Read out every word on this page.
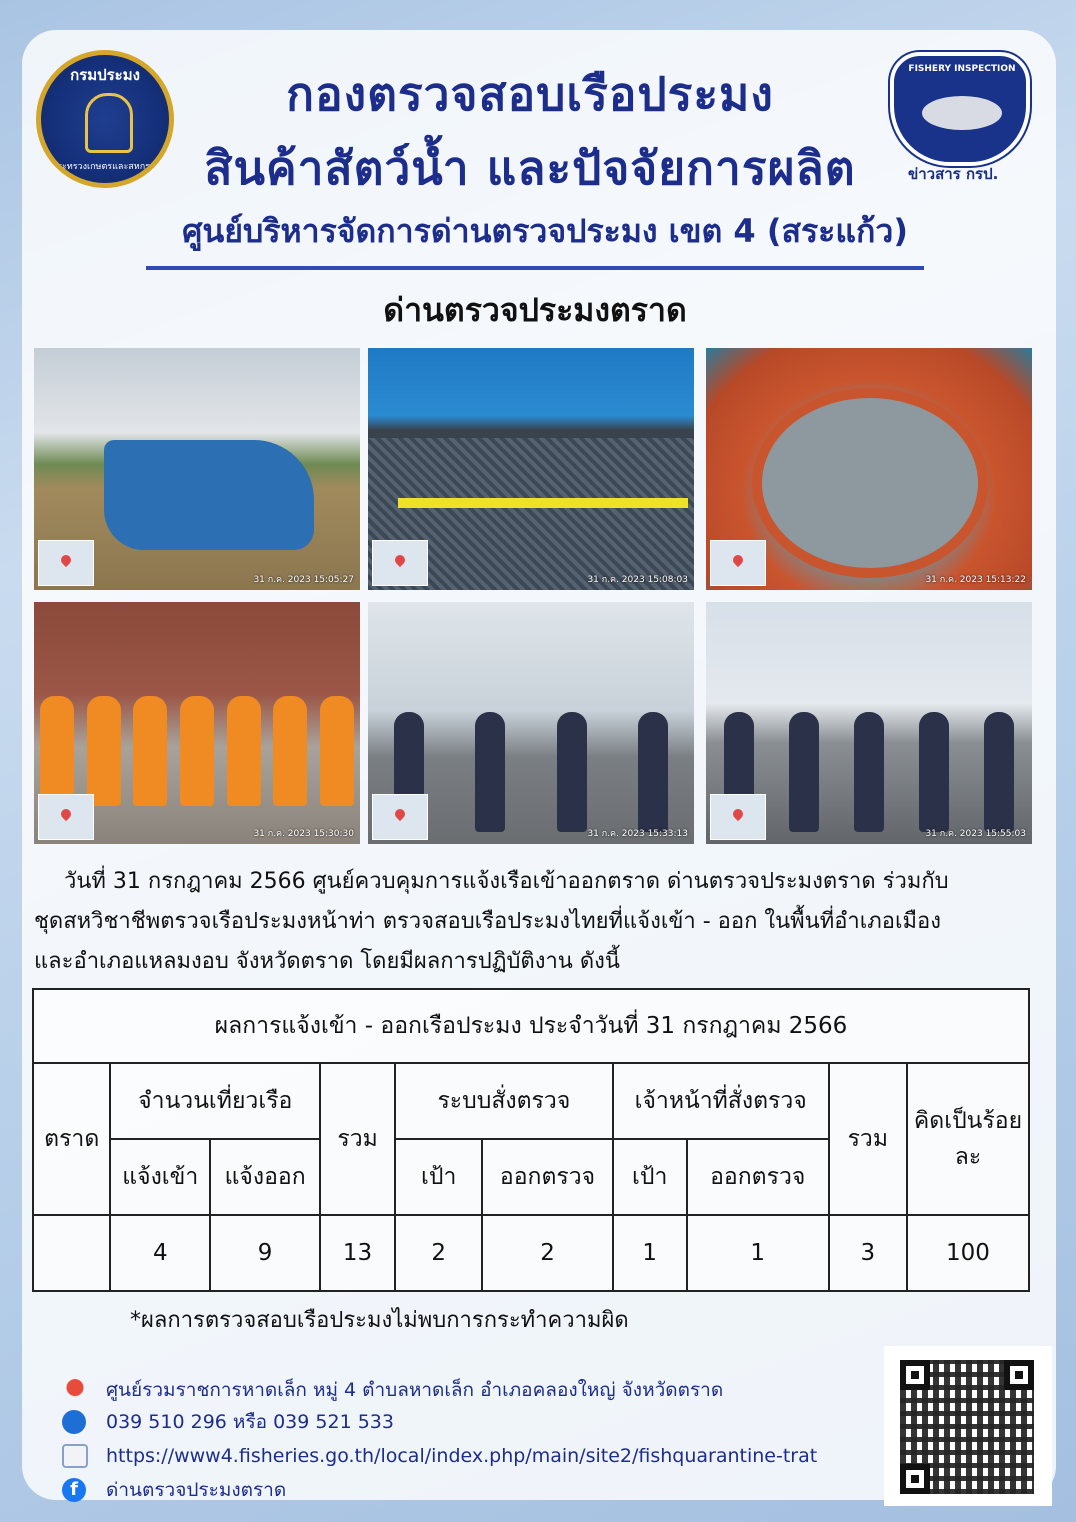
กรมประมง
กระทรวงเกษตรและสหกรณ์
FISHERY INSPECTION
ข่าวสาร กรป.
กองตรวจสอบเรือประมง
สินค้าสัตว์น้ำ และปัจจัยการผลิต
ศูนย์บริหารจัดการด่านตรวจประมง เขต 4 (สระแก้ว)
ด่านตรวจประมงตราด
31 ก.ค. 2023 15:05:27	31 ก.ค. 2023 15:08:03	31 ก.ค. 2023 15:13:22
31 ก.ค. 2023 15:30:30	31 ก.ค. 2023 15:33:13	31 ก.ค. 2023 15:55:03

วันที่ 31 กรกฎาคม 2566 ศูนย์ควบคุมการแจ้งเรือเข้าออกตราด ด่านตรวจประมงตราด ร่วมกับ

ชุดสหวิชาชีพตรวจเรือประมงหน้าท่า ตรวจสอบเรือประมงไทยที่แจ้งเข้า - ออก ในพื้นที่อำเภอเมือง

และอำเภอแหลมงอบ จังหวัดตราด โดยมีผลการปฏิบัติงาน ดังนี้

ผลการแจ้งเข้า - ออกเรือประมง ประจำวันที่ 31 กรกฎาคม 2566									
ตราด	จำนวนเที่ยวเรือ		รวม	ระบบสั่งตรวจ		เจ้าหน้าที่สั่งตรวจ		รวม	คิดเป็นร้อยละ
	แจ้งเข้า	แจ้งออก		เป้า	ออกตรวจ	เป้า	ออกตรวจ		
	4	9	13	2	2	1	1	3	100
*ผลการตรวจสอบเรือประมงไม่พบการกระทำความผิด
ศูนย์รวมราชการหาดเล็ก หมู่ 4 ตำบลหาดเล็ก อำเภอคลองใหญ่ จังหวัดตราด
039 510 296 หรือ 039 521 533
https://www4.fisheries.go.th/local/index.php/main/site2/fishquarantine-trat
f	ด่านตรวจประมงตราด
